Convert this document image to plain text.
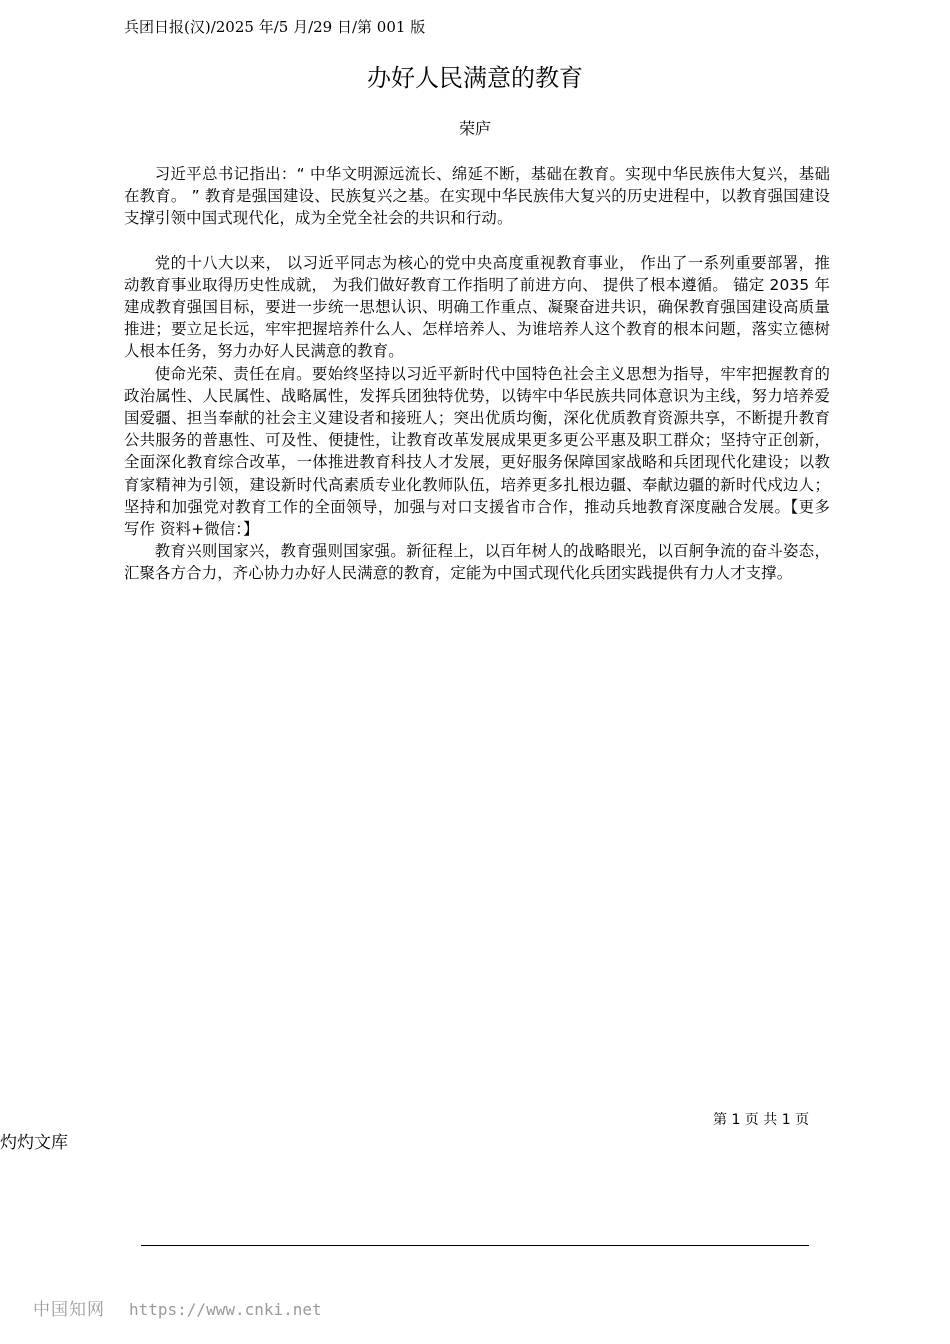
兵团日报(汉)/2025 年/5 月/29 日/第 001 版
办好人民满意的教育
荣庐

习近平总书记指出：“ 中华文明源远流长、绵延不断，基础在教育。实现中华民族伟大复兴，基础在教育。 ” 教育是强国建设、民族复兴之基。在实现中华民族伟大复兴的历史进程中，以教育强国建设支撑引领中国式现代化，成为全党全社会的共识和行动。

党的十八大以来， 以习近平同志为核心的党中央高度重视教育事业， 作出了一系列重要部署，推动教育事业取得历史性成就， 为我们做好教育工作指明了前进方向、 提供了根本遵循。 锚定 2035 年建成教育强国目标，要进一步统一思想认识、明确工作重点、凝聚奋进共识，确保教育强国建设高质量推进；要立足长远，牢牢把握培养什么人、怎样培养人、为谁培养人这个教育的根本问题，落实立德树人根本任务，努力办好人民满意的教育。

使命光荣、责任在肩。要始终坚持以习近平新时代中国特色社会主义思想为指导，牢牢把握教育的政治属性、人民属性、战略属性，发挥兵团独特优势，以铸牢中华民族共同体意识为主线，努力培养爱国爱疆、担当奉献的社会主义建设者和接班人；突出优质均衡，深化优质教育资源共享，不断提升教育公共服务的普惠性、可及性、便捷性，让教育改革发展成果更多更公平惠及职工群众；坚持守正创新，全面深化教育综合改革，一体推进教育科技人才发展，更好服务保障国家战略和兵团现代化建设；以教育家精神为引领，建设新时代高素质专业化教师队伍，培养更多扎根边疆、奉献边疆的新时代戍边人；坚持和加强党对教育工作的全面领导，加强与对口支援省市合作，推动兵地教育深度融合发展。【更多写作 资料+微信：】

教育兴则国家兴，教育强则国家强。新征程上，以百年树人的战略眼光，以百舸争流的奋斗姿态，汇聚各方合力，齐心协力办好人民满意的教育，定能为中国式现代化兵团实践提供有力人才支撑。

第 1 页 共 1 页
灼灼文库
中国知网 https://www.cnki.net
